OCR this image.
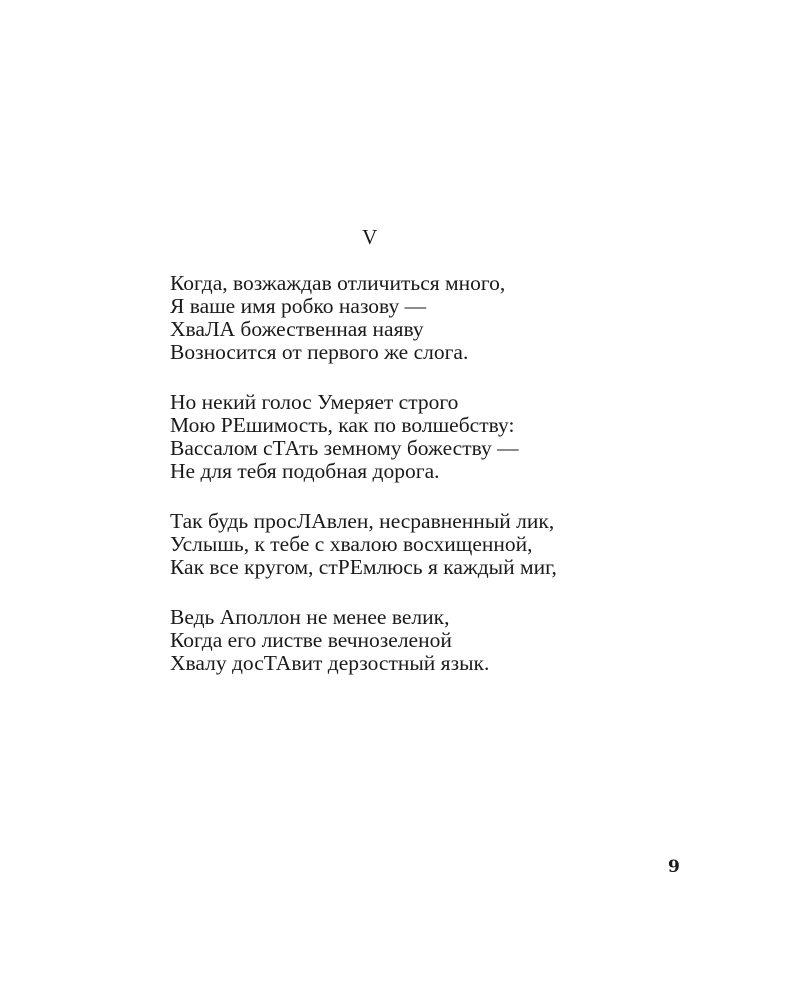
V
Когда, возжаждав отличиться много,
Я ваше имя робко назову —
ХваЛА божественная наяву
Возносится от первого же слога.
Но некий голос Умеряет строго
Мою РЕшимость, как по волшебству:
Вассалом сТАть земному божеству —
Не для тебя подобная дорога.
Так будь просЛАвлен, несравненный лик,
Услышь, к тебе с хвалою восхищенной,
Как все кругом, стРЕмлюсь я каждый миг,
Ведь Аполлон не менее велик,
Когда его листве вечнозеленой
Хвалу досТАвит дерзостный язык.
9
